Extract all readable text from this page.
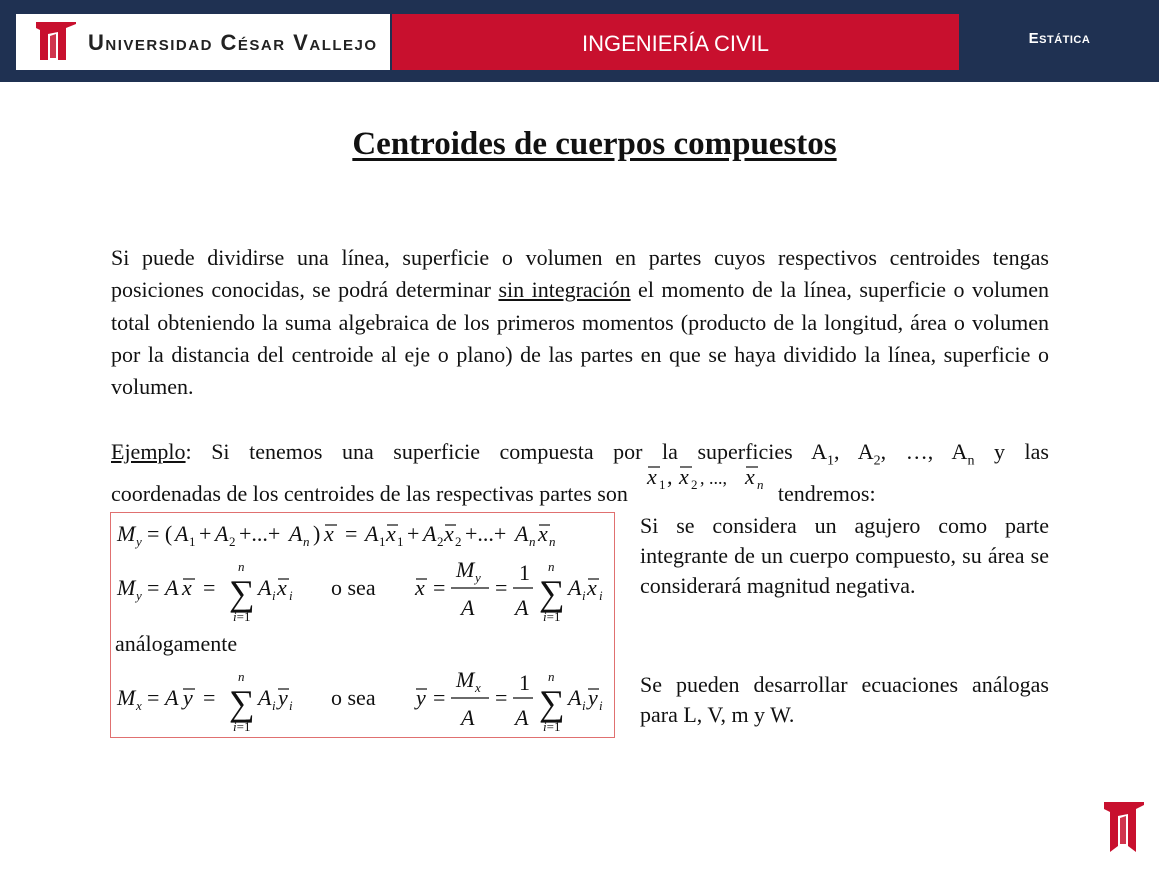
Universidad César Vallejo	INGENIERÍA CIVIL	Estática
Centroides de cuerpos compuestos
Si puede dividirse una línea, superficie o volumen en partes cuyos respectivos centroides tengas posiciones conocidas, se podrá determinar sin integración el momento de la línea, superficie o volumen total obteniendo la suma algebraica de los primeros momentos (producto de la longitud, área o volumen por la distancia del centroide al eje o plano) de las partes en que se haya dividido la línea, superficie o volumen.
Ejemplo: Si tenemos una superficie compuesta por la superficies $A_1$, $A_2$, …, $A_n$ y las
coordenadas de los centroides de las respectivas partes son
x 1 , x 2 , ..., x n tendremos:
M y = ( A 1 + A 2 +...+ A n ) x = A 1 x 1 + A 2 x 2 +...+ A n x n
M y = A x =
n
∑
i=1
A i x i o sea x =
M y
A
=
1
A
n
∑
i=1
A i x i
análogamente
M x = A y =
n
∑
i=1
A i y i o sea y =
M x
A
=
1
A
n
∑
i=1
A i y i
Si se considera un agujero como parte integrante de un cuerpo compuesto, su área se considerará magnitud negativa.
Se pueden desarrollar ecuaciones análogas para L, V, m y W.
